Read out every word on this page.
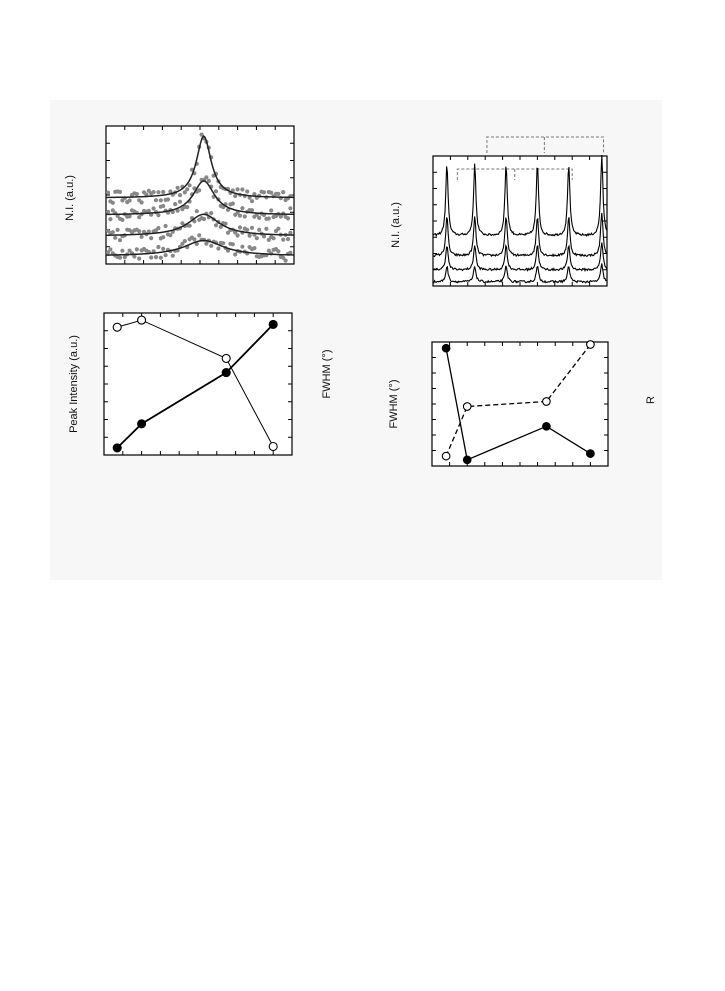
N.I. (a.u.)
Peak Intensity (a.u.)	FWHM (°)
N.I. (a.u.)
FWHM (°)	R
